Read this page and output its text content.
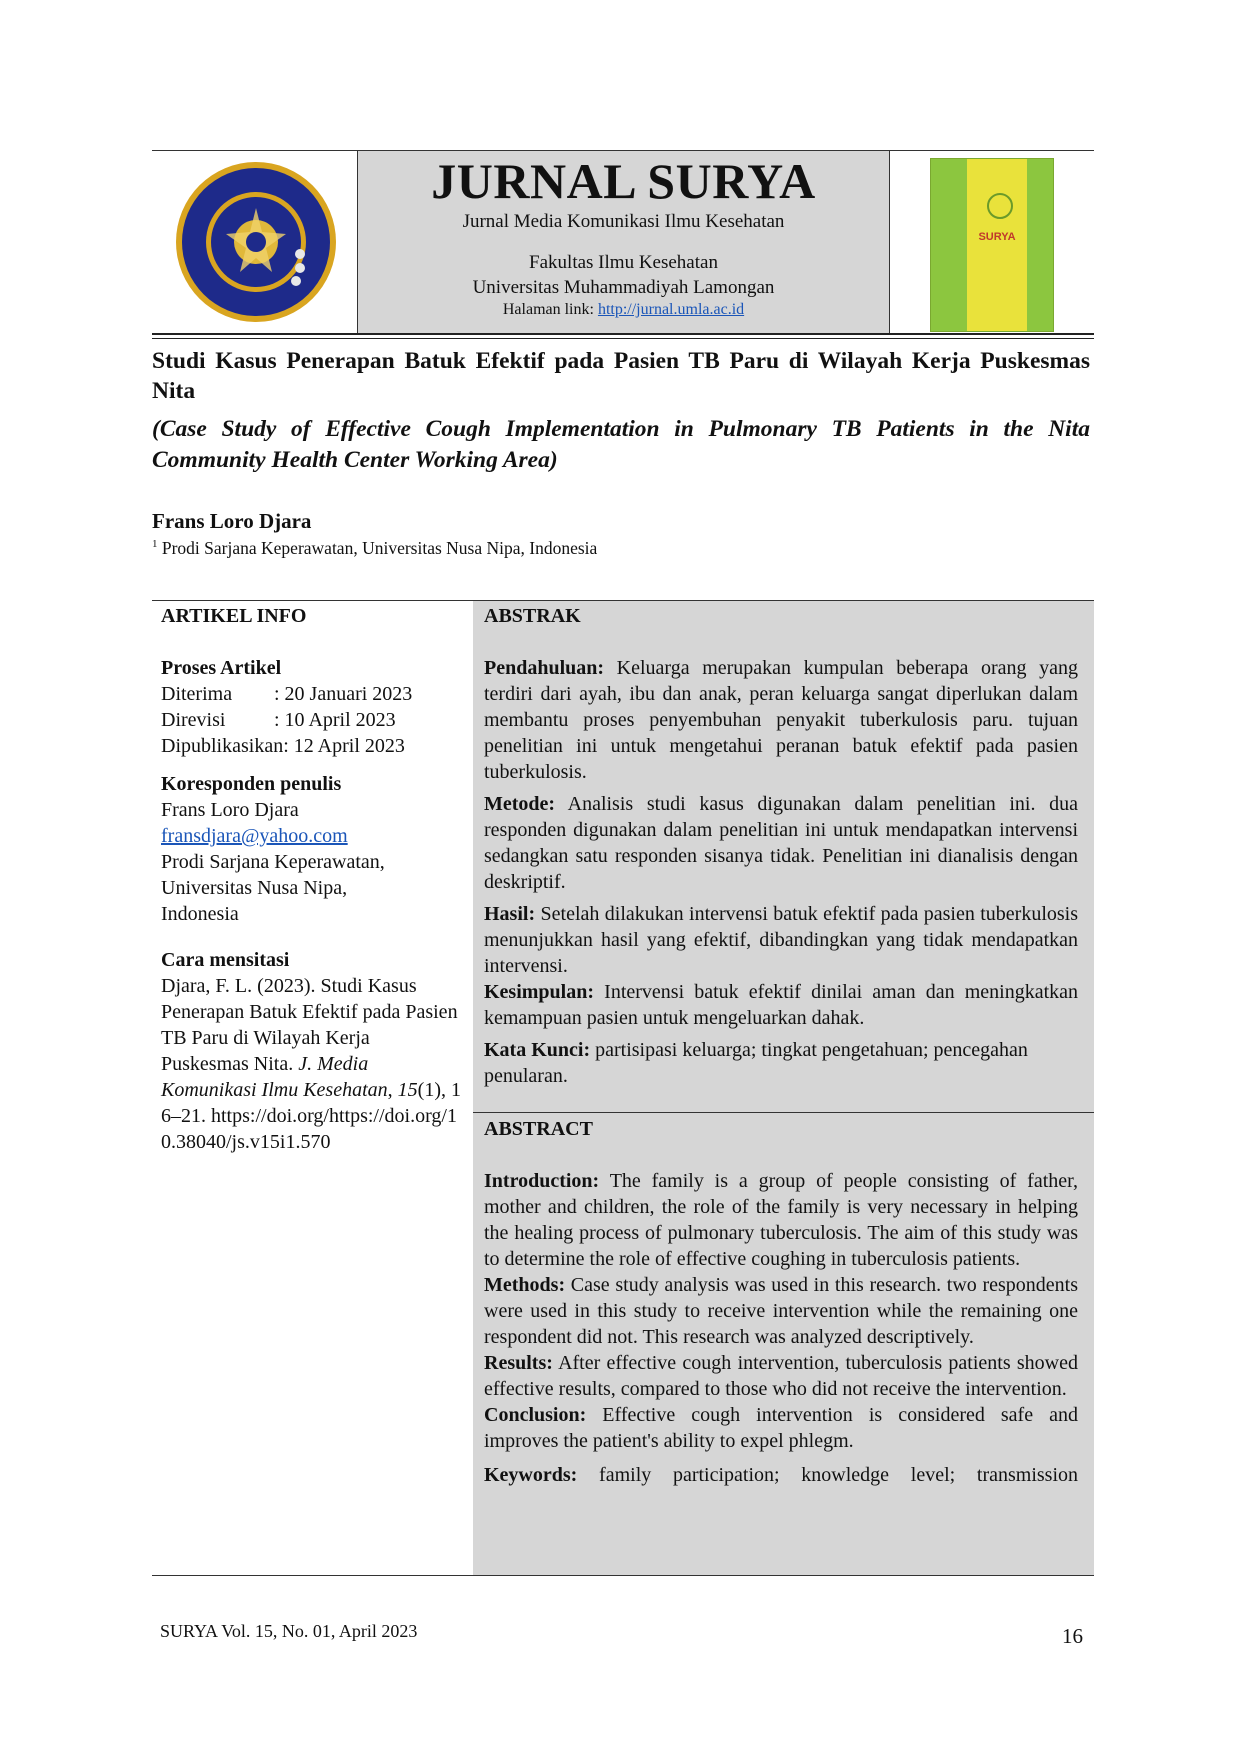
JURNAL SURYA
Jurnal Media Komunikasi Ilmu Kesehatan
Fakultas Ilmu Kesehatan
Universitas Muhammadiyah Lamongan
Halaman link: http://jurnal.umla.ac.id
SURYA
Studi Kasus Penerapan Batuk Efektif pada Pasien TB Paru di Wilayah Kerja Puskesmas Nita
(Case Study of Effective Cough Implementation in Pulmonary TB Patients in the Nita Community Health Center Working Area)
Frans Loro Djara
$^1$ Prodi Sarjana Keperawatan, Universitas Nusa Nipa, Indonesia
ARTIKEL INFO
Proses Artikel
Diterima	: 20 Januari 2023
Direvisi	: 10 April 2023
Dipublikasikan: 12 April 2023
Koresponden penulis
Frans Loro Djara
fransdjara@yahoo.com
Prodi Sarjana Keperawatan, Universitas Nusa Nipa, Indonesia
Cara mensitasi
Djara, F. L. (2023). Studi Kasus Penerapan Batuk Efektif pada Pasien TB Paru di Wilayah Kerja Puskesmas Nita. J. Media Komunikasi Ilmu Kesehatan, 15(1), 16–21. https://doi.org/https://doi.org/10.38040/js.v15i1.570
ABSTRAK

Pendahuluan: Keluarga merupakan kumpulan beberapa orang yang terdiri dari ayah, ibu dan anak, peran keluarga sangat diperlukan dalam membantu proses penyembuhan penyakit tuberkulosis paru. tujuan penelitian ini untuk mengetahui peranan batuk efektif pada pasien tuberkulosis.

Metode: Analisis studi kasus digunakan dalam penelitian ini. dua responden digunakan dalam penelitian ini untuk mendapatkan intervensi sedangkan satu responden sisanya tidak. Penelitian ini dianalisis dengan deskriptif.

Hasil: Setelah dilakukan intervensi batuk efektif pada pasien tuberkulosis menunjukkan hasil yang efektif, dibandingkan yang tidak mendapatkan intervensi.

Kesimpulan: Intervensi batuk efektif dinilai aman dan meningkatkan kemampuan pasien untuk mengeluarkan dahak.

Kata Kunci: partisipasi keluarga; tingkat pengetahuan; pencegahan penularan.

ABSTRACT

Introduction: The family is a group of people consisting of father, mother and children, the role of the family is very necessary in helping the healing process of pulmonary tuberculosis. The aim of this study was to determine the role of effective coughing in tuberculosis patients.

Methods: Case study analysis was used in this research. two respondents were used in this study to receive intervention while the remaining one respondent did not. This research was analyzed descriptively.

Results: After effective cough intervention, tuberculosis patients showed effective results, compared to those who did not receive the intervention.

Conclusion: Effective cough intervention is considered safe and improves the patient's ability to expel phlegm.

Keywords: family participation; knowledge level; transmission

SURYA Vol. 15, No. 01, April 2023	16
